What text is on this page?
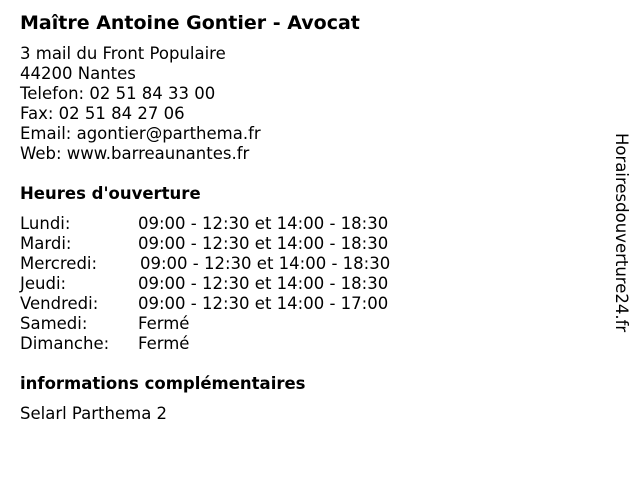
Maître Antoine Gontier - Avocat
3 mail du Front Populaire
44200 Nantes
Telefon: 02 51 84 33 00
Fax: 02 51 84 27 06
Email: agontier@parthema.fr
Web: www.barreaunantes.fr
Heures d'ouverture
Lundi:	09:00 - 12:30 et 14:00 - 18:30
Mardi:	09:00 - 12:30 et 14:00 - 18:30
Mercredi:	09:00 - 12:30 et 14:00 - 18:30
Jeudi:	09:00 - 12:30 et 14:00 - 18:30
Vendredi: 09:00 - 12:30 et 14:00 - 17:00
Samedi:	Fermé
Dimanche: Fermé
informations complémentaires
Selarl Parthema 2
Horairesdouverture24.fr
